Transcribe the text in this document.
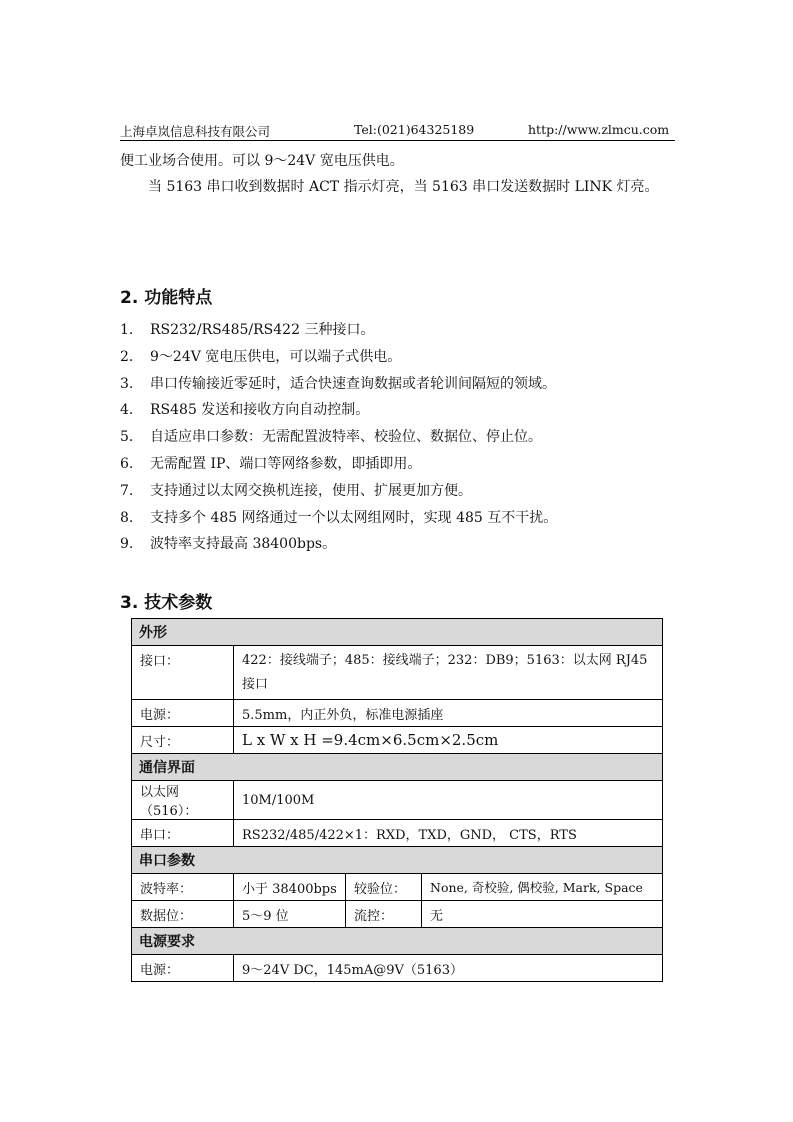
上海卓岚信息科技有限公司	Tel:(021)64325189	http://www.zlmcu.com
便工业场合使用。可以 9～24V 宽电压供电。
当 5163 串口收到数据时 ACT 指示灯亮，当 5163 串口发送数据时 LINK 灯亮。
2. 功能特点
1. RS232/RS485/RS422 三种接口。
2. 9～24V 宽电压供电，可以端子式供电。
3. 串口传输接近零延时，适合快速查询数据或者轮训间隔短的领域。
4. RS485 发送和接收方向自动控制。
5. 自适应串口参数：无需配置波特率、校验位、数据位、停止位。
6. 无需配置 IP、端口等网络参数，即插即用。
7. 支持通过以太网交换机连接，使用、扩展更加方便。
8. 支持多个 485 网络通过一个以太网组网时，实现 485 互不干扰。
9. 波特率支持最高 38400bps。
3. 技术参数
外形			
接口：	422：接线端子；485：接线端子；232：DB9；5163：以太网 RJ45 接口		
电源：	5.5mm，内正外负，标准电源插座		
尺寸：	L x W x H =9.4cm×6.5cm×2.5cm		
通信界面			
以太网（516）：	10M/100M		
串口：	RS232/485/422×1：RXD，TXD，GND， CTS，RTS		
串口参数			
波特率：	小于 38400bps	较验位：	None, 奇校验, 偶校验, Mark, Space
数据位：	5～9 位	流控：	无
电源要求			
电源：	9～24V DC，145mA@9V（5163）		
